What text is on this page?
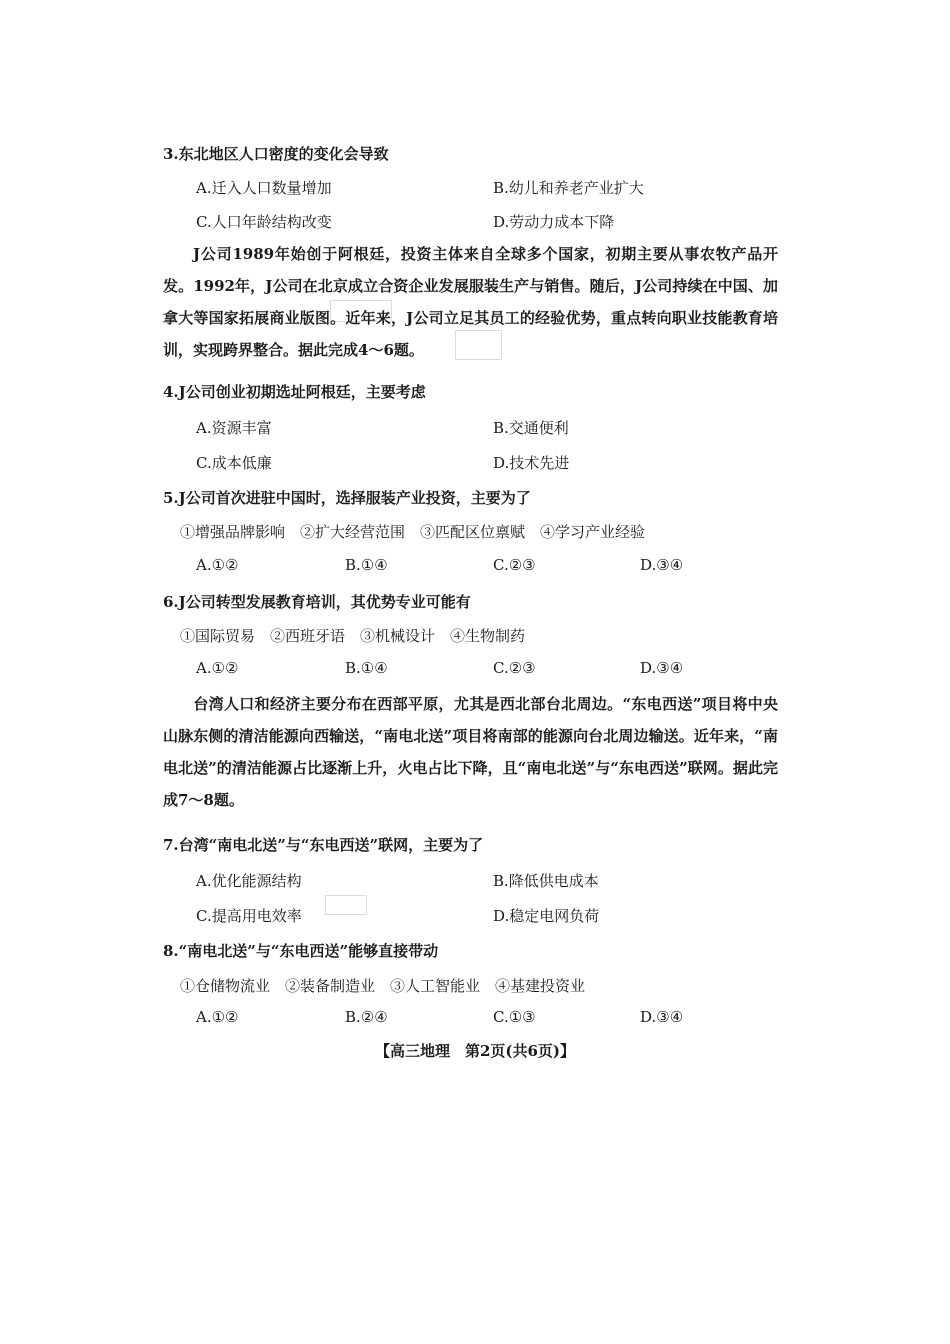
3.东北地区人口密度的变化会导致
A.迁入人口数量增加	B.幼儿和养老产业扩大
C.人口年龄结构改变	D.劳动力成本下降
J公司1989年始创于阿根廷，投资主体来自全球多个国家，初期主要从事农牧产品开发。1992年，J公司在北京成立合资企业发展服装生产与销售。随后，J公司持续在中国、加拿大等国家拓展商业版图。近年来，J公司立足其员工的经验优势，重点转向职业技能教育培训，实现跨界整合。据此完成4～6题。
4.J公司创业初期选址阿根廷，主要考虑
A.资源丰富	B.交通便利
C.成本低廉	D.技术先进
5.J公司首次进驻中国时，选择服装产业投资，主要为了
①增强品牌影响　②扩大经营范围　③匹配区位禀赋　④学习产业经验
A.①②	B.①④	C.②③	D.③④
6.J公司转型发展教育培训，其优势专业可能有
①国际贸易　②西班牙语　③机械设计　④生物制药
A.①②	B.①④	C.②③	D.③④
台湾人口和经济主要分布在西部平原，尤其是西北部台北周边。“东电西送”项目将中央山脉东侧的清洁能源向西输送，“南电北送”项目将南部的能源向台北周边输送。近年来，“南电北送”的清洁能源占比逐渐上升，火电占比下降，且“南电北送”与“东电西送”联网。据此完成7～8题。
7.台湾“南电北送”与“东电西送”联网，主要为了
A.优化能源结构	B.降低供电成本
C.提高用电效率	D.稳定电网负荷
8.“南电北送”与“东电西送”能够直接带动
①仓储物流业　②装备制造业　③人工智能业　④基建投资业
A.①②	B.②④	C.①③	D.③④
【高三地理　第2页(共6页)】
